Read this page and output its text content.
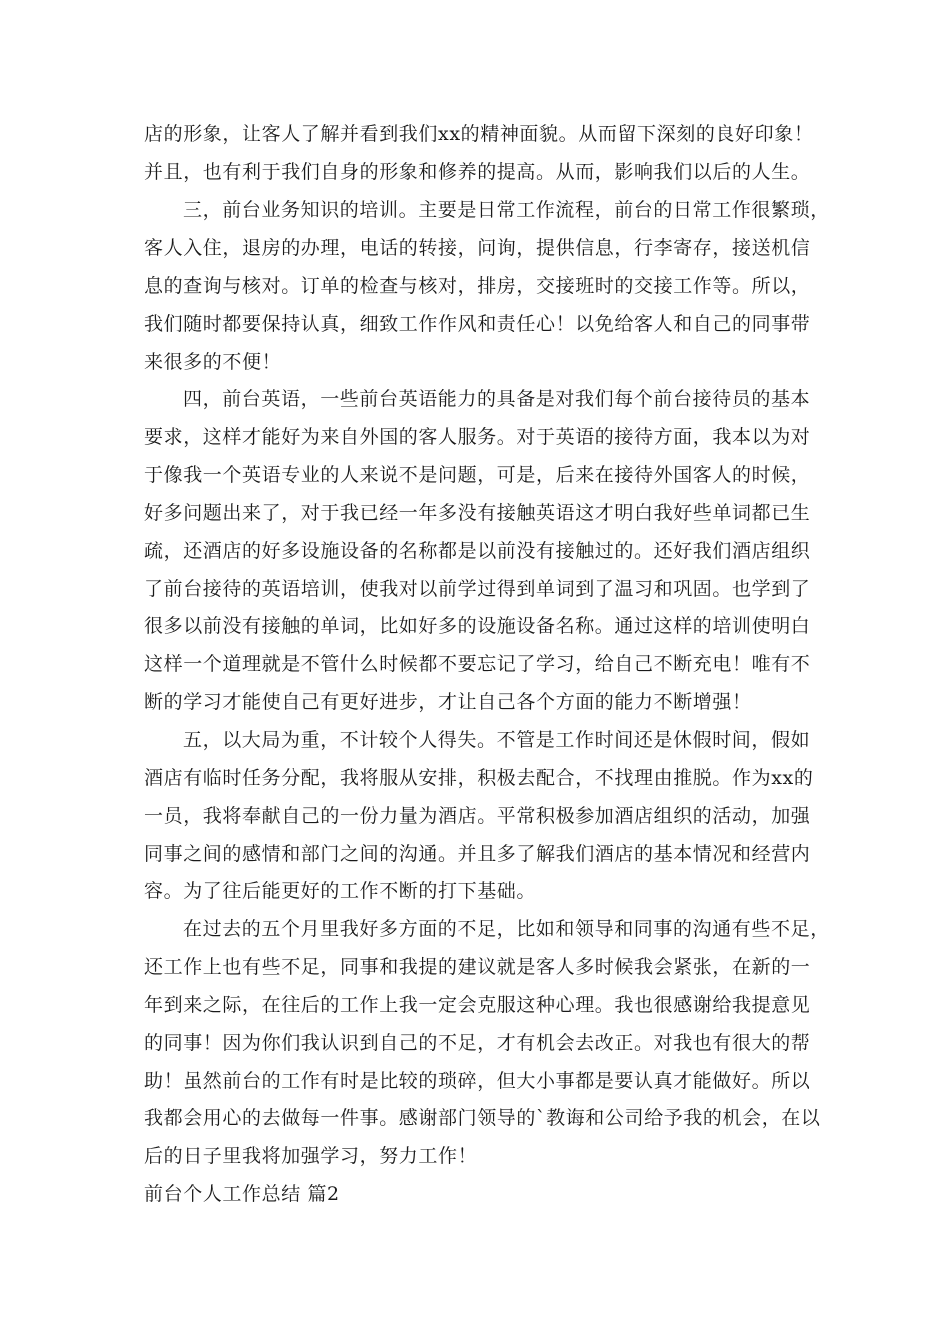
店的形象，让客人了解并看到我们xx的精神面貌。从而留下深刻的良好印象！
并且，也有利于我们自身的形象和修养的提高。从而，影响我们以后的人生。
三，前台业务知识的培训。主要是日常工作流程，前台的日常工作很繁琐，
客人入住，退房的办理，电话的转接，问询，提供信息，行李寄存，接送机信
息的查询与核对。订单的检查与核对，排房，交接班时的交接工作等。所以，
我们随时都要保持认真，细致工作作风和责任心！以免给客人和自己的同事带
来很多的不便！
四，前台英语，一些前台英语能力的具备是对我们每个前台接待员的基本
要求，这样才能好为来自外国的客人服务。对于英语的接待方面，我本以为对
于像我一个英语专业的人来说不是问题，可是，后来在接待外国客人的时候，
好多问题出来了，对于我已经一年多没有接触英语这才明白我好些单词都已生
疏，还酒店的好多设施设备的名称都是以前没有接触过的。还好我们酒店组织
了前台接待的英语培训，使我对以前学过得到单词到了温习和巩固。也学到了
很多以前没有接触的单词，比如好多的设施设备名称。通过这样的培训使明白
这样一个道理就是不管什么时候都不要忘记了学习，给自己不断充电！唯有不
断的学习才能使自己有更好进步，才让自己各个方面的能力不断增强！
五，以大局为重，不计较个人得失。不管是工作时间还是休假时间，假如
酒店有临时任务分配，我将服从安排，积极去配合，不找理由推脱。作为xx的
一员，我将奉献自己的一份力量为酒店。平常积极参加酒店组织的活动，加强
同事之间的感情和部门之间的沟通。并且多了解我们酒店的基本情况和经营内
容。为了往后能更好的工作不断的打下基础。
在过去的五个月里我好多方面的不足，比如和领导和同事的沟通有些不足，
还工作上也有些不足，同事和我提的建议就是客人多时候我会紧张，在新的一
年到来之际，在往后的工作上我一定会克服这种心理。我也很感谢给我提意见
的同事！因为你们我认识到自己的不足，才有机会去改正。对我也有很大的帮
助！虽然前台的工作有时是比较的琐碎，但大小事都是要认真才能做好。所以
我都会用心的去做每一件事。感谢部门领导的`教诲和公司给予我的机会，在以
后的日子里我将加强学习，努力工作！
前台个人工作总结 篇2
